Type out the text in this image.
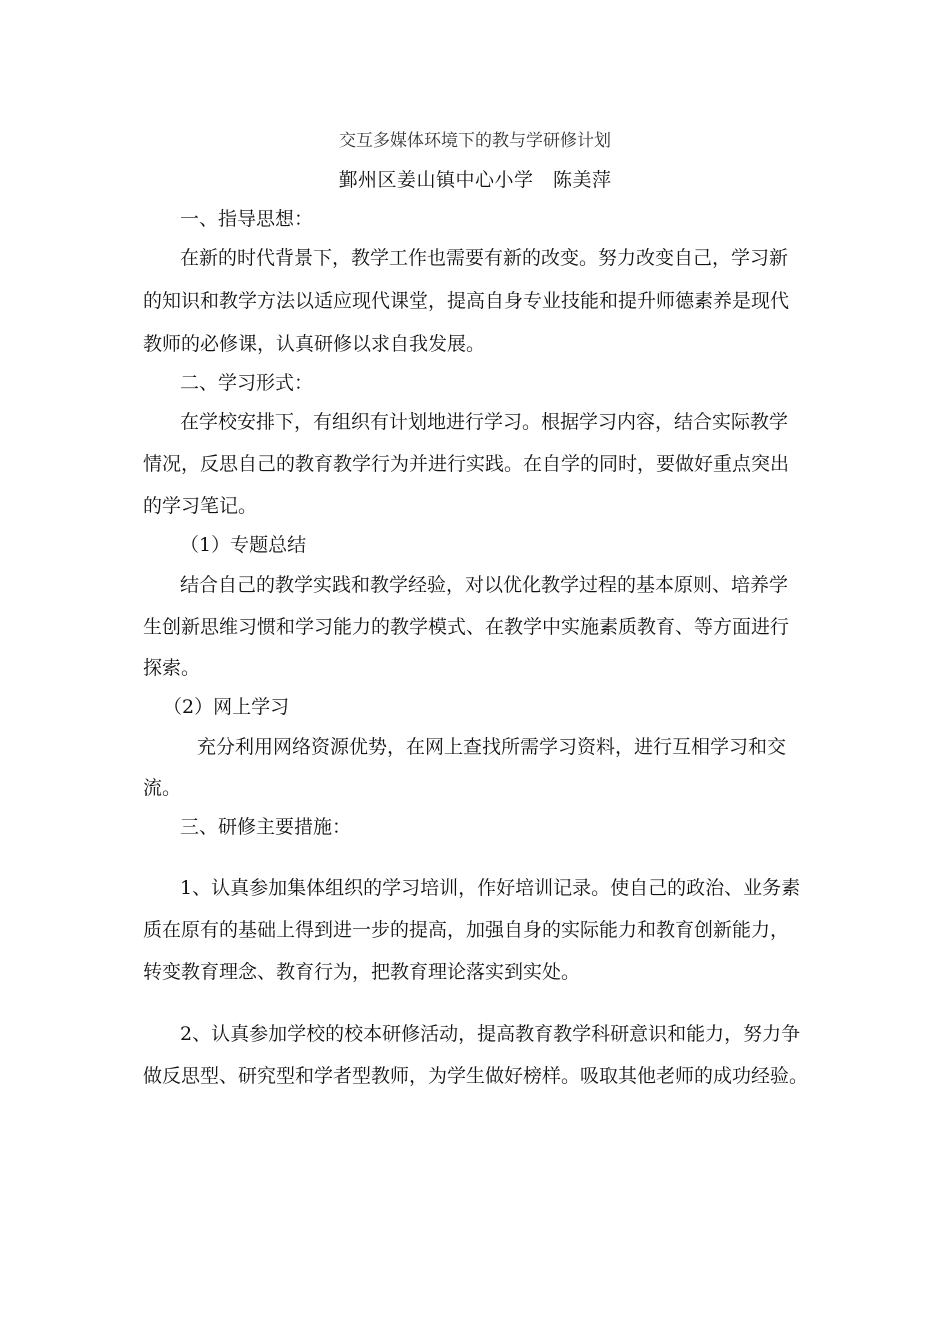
交互多媒体环境下的教与学研修计划
鄞州区姜山镇中心小学　陈美萍
一、指导思想：
在新的时代背景下，教学工作也需要有新的改变。努力改变自己，学习新
的知识和教学方法以适应现代课堂，提高自身专业技能和提升师德素养是现代
教师的必修课，认真研修以求自我发展。
二、学习形式：
在学校安排下，有组织有计划地进行学习。根据学习内容，结合实际教学
情况，反思自己的教育教学行为并进行实践。在自学的同时，要做好重点突出
的学习笔记。
（1）专题总结
结合自己的教学实践和教学经验，对以优化教学过程的基本原则、培养学
生创新思维习惯和学习能力的教学模式、在教学中实施素质教育、等方面进行
探索。
（2）网上学习
充分利用网络资源优势，在网上查找所需学习资料，进行互相学习和交
流。
三、研修主要措施：
1、认真参加集体组织的学习培训，作好培训记录。使自己的政治、业务素
质在原有的基础上得到进一步的提高，加强自身的实际能力和教育创新能力，
转变教育理念、教育行为，把教育理论落实到实处。
2、认真参加学校的校本研修活动，提高教育教学科研意识和能力，努力争
做反思型、研究型和学者型教师，为学生做好榜样。吸取其他老师的成功经验。
